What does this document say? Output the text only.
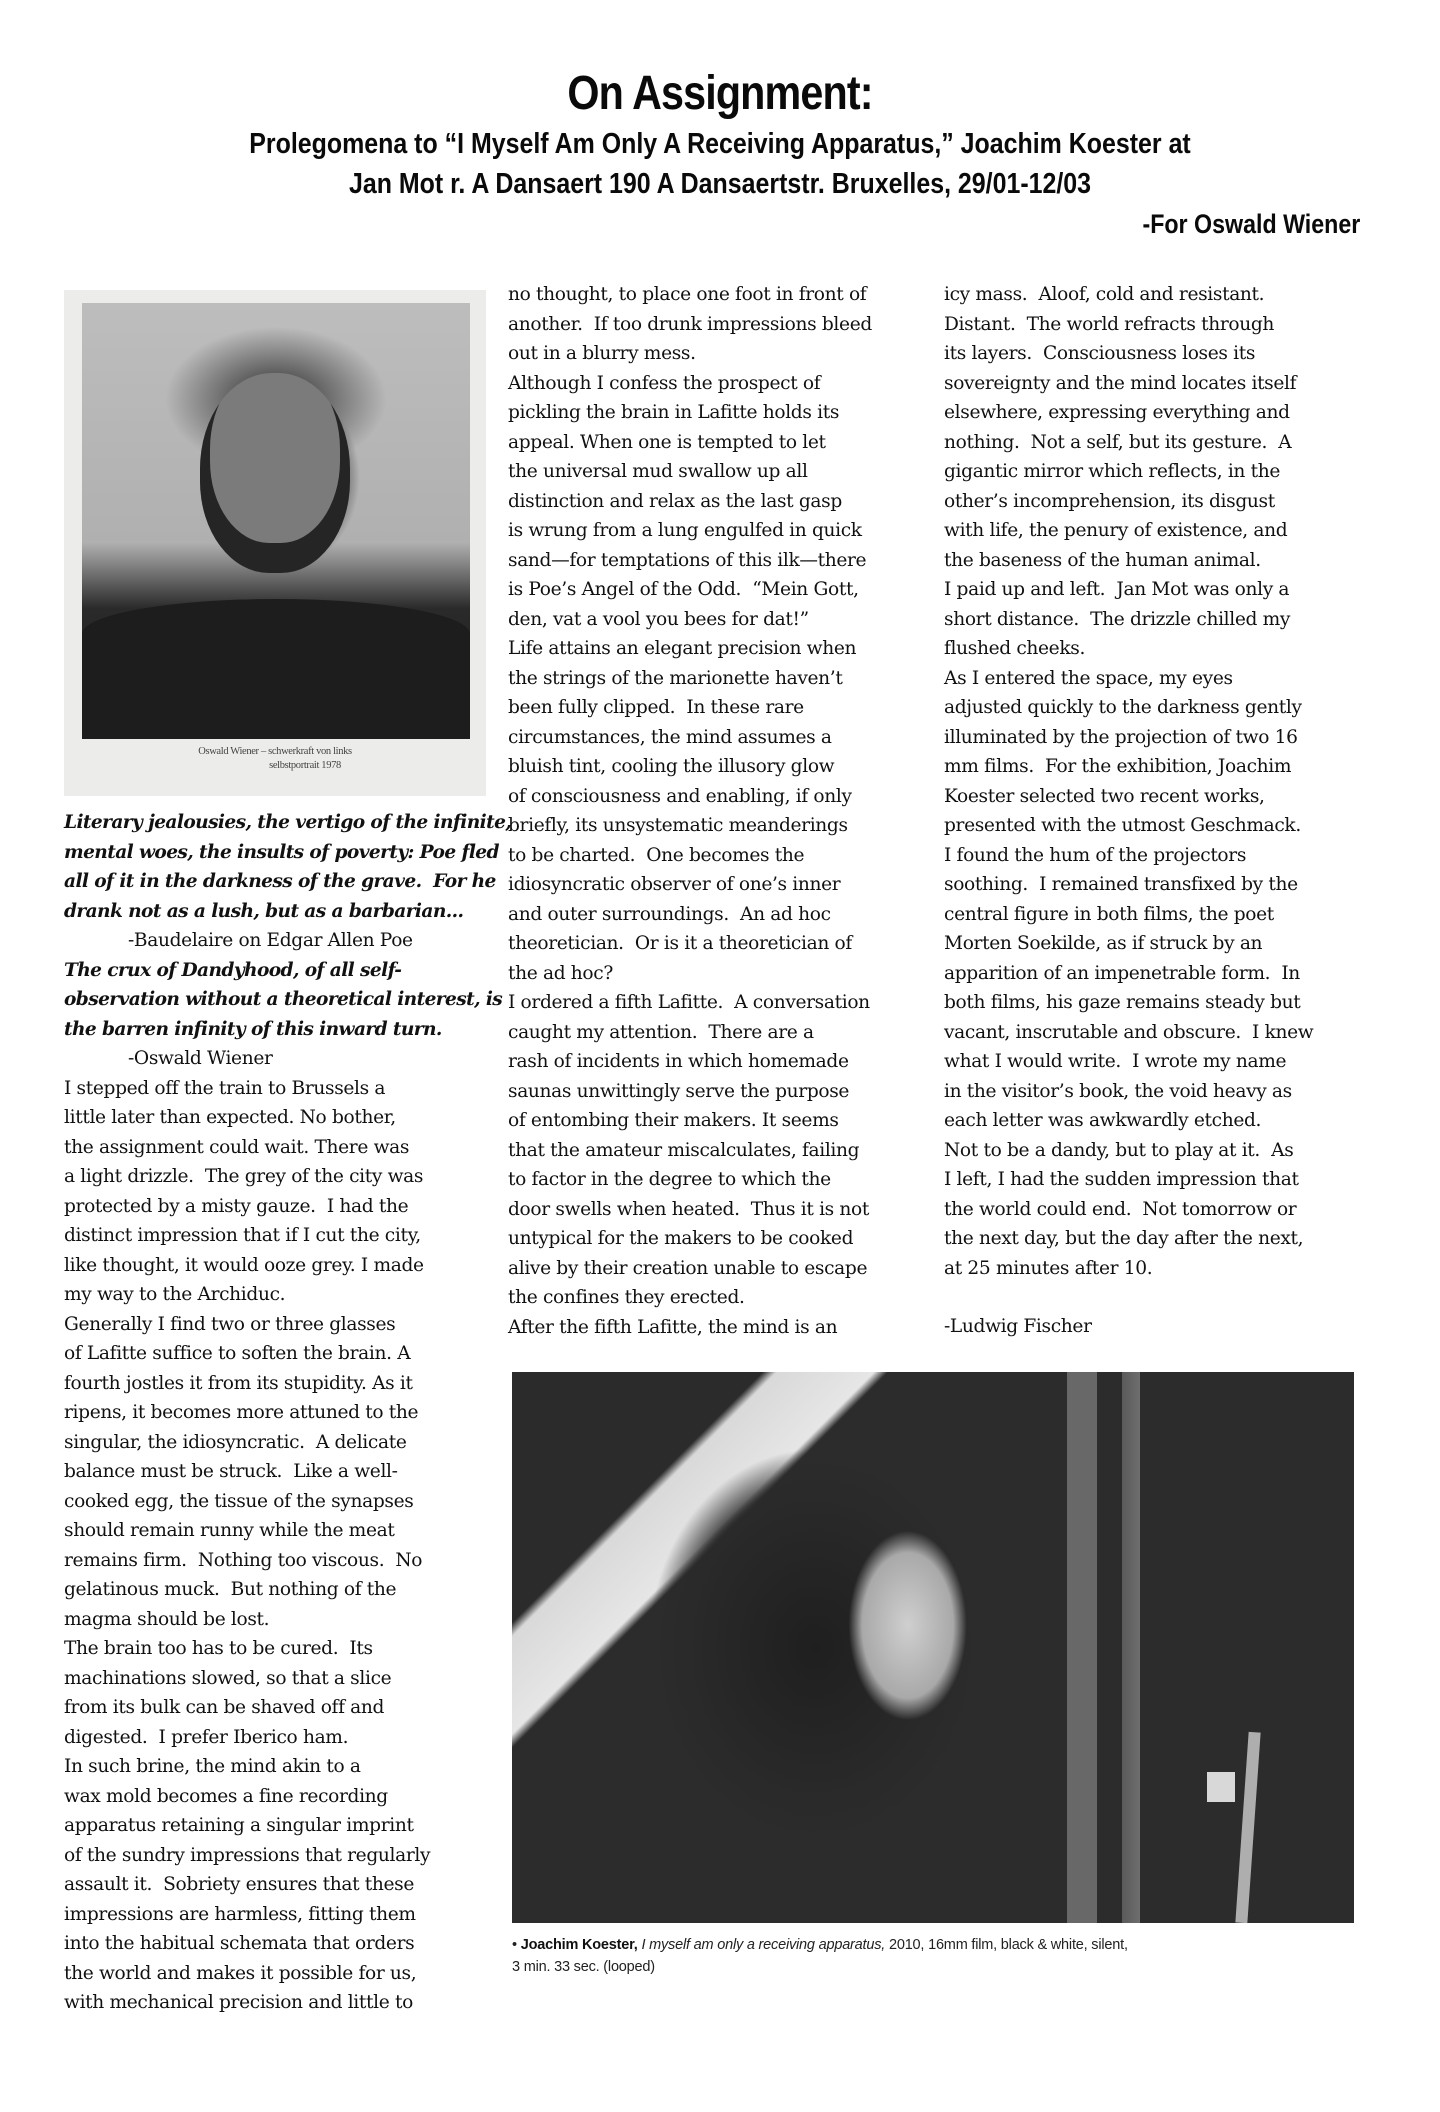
On Assignment:
Prolegomena to “I Myself Am Only A Receiving Apparatus,” Joachim Koester at
Jan Mot r. A Dansaert 190 A Dansaertstr. Bruxelles, 29/01-12/03
-For Oswald Wiener
Oswald Wiener – schwerkraft von links
selbstportrait 1978

Literary jealousies, the vertigo of the infinite,

mental woes, the insults of poverty: Poe fled

all of it in the darkness of the grave.  For he

drank not as a lush, but as a barbarian...

-Baudelaire on Edgar Allen Poe

The crux of Dandyhood, of all self-

observation without a theoretical interest, is

the barren infinity of this inward turn.

-Oswald Wiener

I stepped off the train to Brussels a

little later than expected. No bother,

the assignment could wait. There was

a light drizzle.  The grey of the city was

protected by a misty gauze.  I had the

distinct impression that if I cut the city,

like thought, it would ooze grey. I made

my way to the Archiduc.

Generally I find two or three glasses

of Lafitte suffice to soften the brain. A

fourth jostles it from its stupidity. As it

ripens, it becomes more attuned to the

singular, the idiosyncratic.  A delicate

balance must be struck.  Like a well-

cooked egg, the tissue of the synapses

should remain runny while the meat

remains firm.  Nothing too viscous.  No

gelatinous muck.  But nothing of the

magma should be lost.

The brain too has to be cured.  Its

machinations slowed, so that a slice

from its bulk can be shaved off and

digested.  I prefer Iberico ham.

In such brine, the mind akin to a

wax mold becomes a fine recording

apparatus retaining a singular imprint

of the sundry impressions that regularly

assault it.  Sobriety ensures that these

impressions are harmless, fitting them

into the habitual schemata that orders

the world and makes it possible for us,

with mechanical precision and little to

no thought, to place one foot in front of

another.  If too drunk impressions bleed

out in a blurry mess.

Although I confess the prospect of

pickling the brain in Lafitte holds its

appeal. When one is tempted to let

the universal mud swallow up all

distinction and relax as the last gasp

is wrung from a lung engulfed in quick

sand—for temptations of this ilk—there

is Poe’s Angel of the Odd.  “Mein Gott,

den, vat a vool you bees for dat!”

Life attains an elegant precision when

the strings of the marionette haven’t

been fully clipped.  In these rare

circumstances, the mind assumes a

bluish tint, cooling the illusory glow

of consciousness and enabling, if only

briefly, its unsystematic meanderings

to be charted.  One becomes the

idiosyncratic observer of one’s inner

and outer surroundings.  An ad hoc

theoretician.  Or is it a theoretician of

the ad hoc?

I ordered a fifth Lafitte.  A conversation

caught my attention.  There are a

rash of incidents in which homemade

saunas unwittingly serve the purpose

of entombing their makers. It seems

that the amateur miscalculates, failing

to factor in the degree to which the

door swells when heated.  Thus it is not

untypical for the makers to be cooked

alive by their creation unable to escape

the confines they erected.

After the fifth Lafitte, the mind is an

icy mass.  Aloof, cold and resistant.

Distant.  The world refracts through

its layers.  Consciousness loses its

sovereignty and the mind locates itself

elsewhere, expressing everything and

nothing.  Not a self, but its gesture.  A

gigantic mirror which reflects, in the

other’s incomprehension, its disgust

with life, the penury of existence, and

the baseness of the human animal.

I paid up and left.  Jan Mot was only a

short distance.  The drizzle chilled my

flushed cheeks.

As I entered the space, my eyes

adjusted quickly to the darkness gently

illuminated by the projection of two 16

mm films.  For the exhibition, Joachim

Koester selected two recent works,

presented with the utmost Geschmack.

I found the hum of the projectors

soothing.  I remained transfixed by the

central figure in both films, the poet

Morten Soekilde, as if struck by an

apparition of an impenetrable form.  In

both films, his gaze remains steady but

vacant, inscrutable and obscure.  I knew

what I would write.  I wrote my name

in the visitor’s book, the void heavy as

each letter was awkwardly etched.

Not to be a dandy, but to play at it.  As

I left, I had the sudden impression that

the world could end.  Not tomorrow or

the next day, but the day after the next,

at 25 minutes after 10.

-Ludwig Fischer

• Joachim Koester, I myself am only a receiving apparatus, 2010, 16mm film, black & white, silent,
3 min. 33 sec. (looped)
